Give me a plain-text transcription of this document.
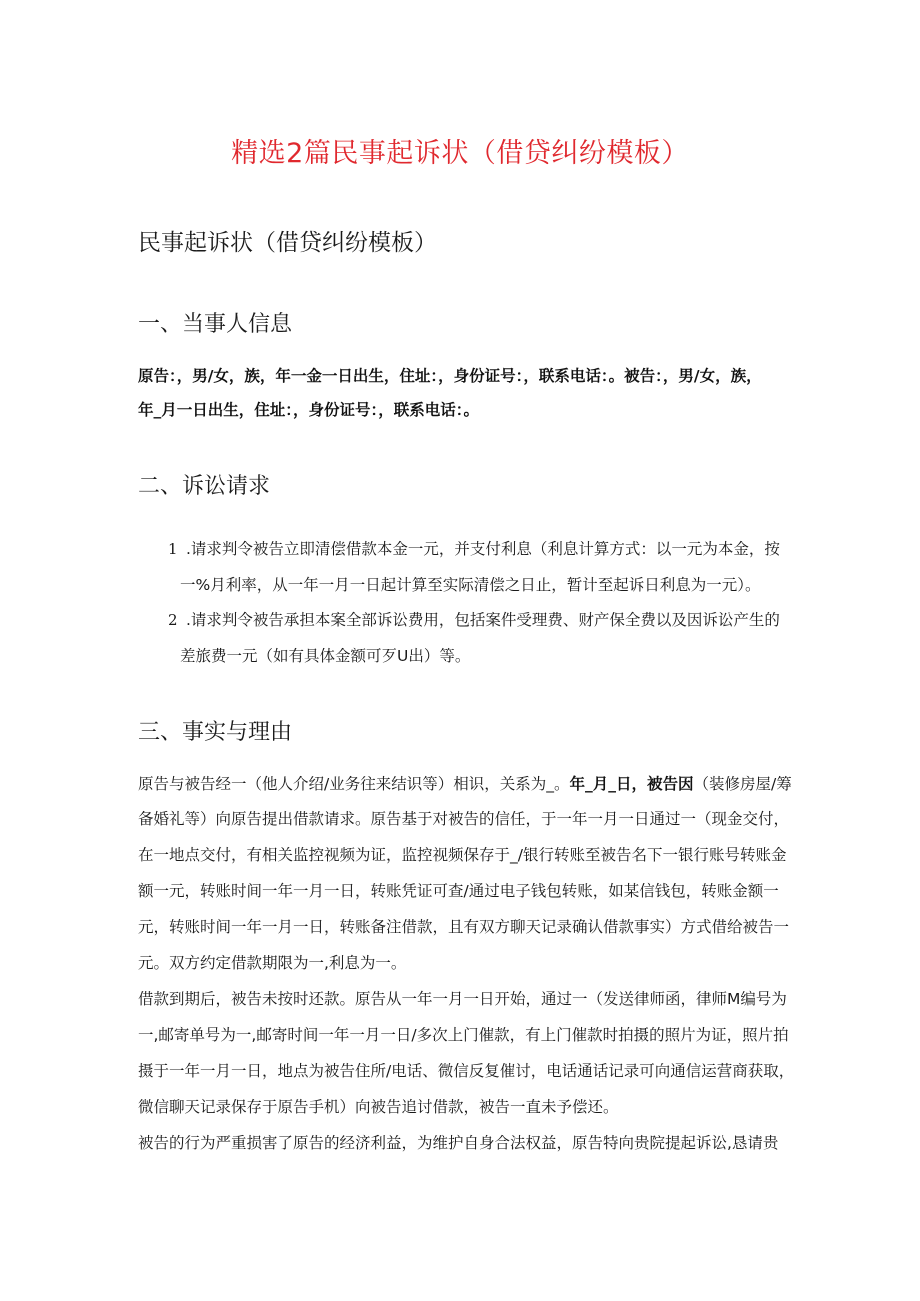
精选2篇民事起诉状（借贷纠纷模板）
民事起诉状（借贷纠纷模板）
一、当事人信息
原告：，男/女，族，年一金一日出生，住址：，身份证号：，联系电话：。被告：，男/女，族，
年_月一日出生，住址：，身份证号：，联系电话：。
二、诉讼请求
1 .请求判令被告立即清偿借款本金一元，并支付利息（利息计算方式：以一元为本金，按
一%月利率，从一年一月一日起计算至实际清偿之日止，暂计至起诉日利息为一元）。
2 .请求判令被告承担本案全部诉讼费用，包括案件受理费、财产保全费以及因诉讼产生的
差旅费一元（如有具体金额可歹U出）等。
三、事实与理由
原告与被告经一（他人介绍/业务往来结识等）相识，关系为_。年_月_日，被告因（装修房屋/筹
备婚礼等）向原告提出借款请求。原告基于对被告的信任，于一年一月一日通过一（现金交付，
在一地点交付，有相关监控视频为证，监控视频保存于_/银行转账至被告名下一银行账号转账金
额一元，转账时间一年一月一日，转账凭证可查/通过电子钱包转账，如某信钱包，转账金额一
元，转账时间一年一月一日，转账备注借款，且有双方聊天记录确认借款事实）方式借给被告一
元。双方约定借款期限为一,利息为一。
借款到期后，被告未按时还款。原告从一年一月一日开始，通过一（发送律师函，律师M编号为
一,邮寄单号为一,邮寄时间一年一月一日/多次上门催款，有上门催款时拍摄的照片为证，照片拍
摄于一年一月一日，地点为被告住所/电话、微信反复催讨，电话通话记录可向通信运营商获取，
微信聊天记录保存于原告手机）向被告追讨借款，被告一直未予偿还。
被告的行为严重损害了原告的经济利益，为维护自身合法权益，原告特向贵院提起诉讼,恳请贵
